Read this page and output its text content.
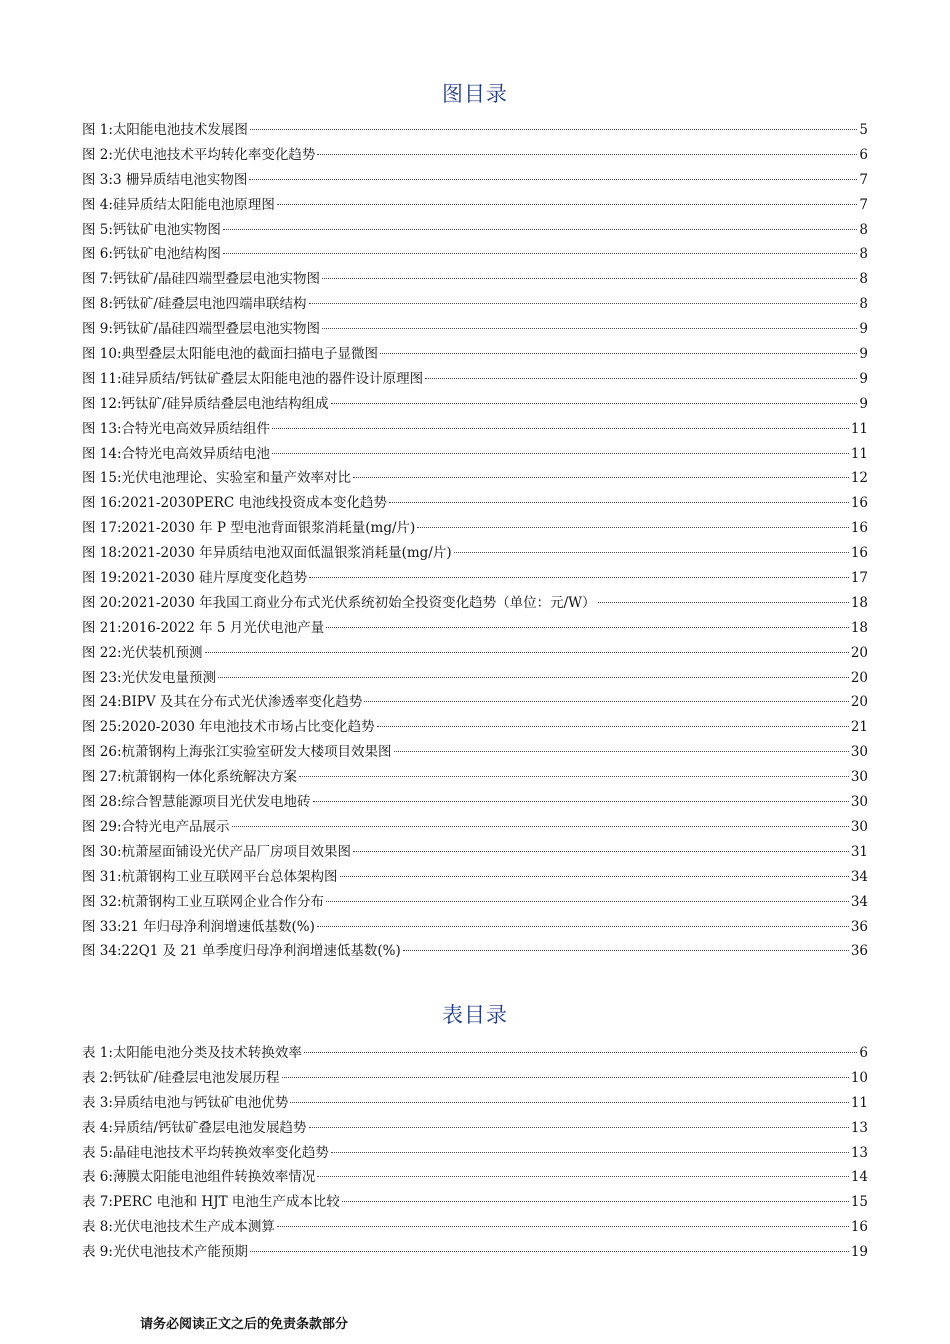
图目录
图 1: 太阳能电池技术发展图	5
图 2: 光伏电池技术平均转化率变化趋势	6
图 3: 3 栅异质结电池实物图	7
图 4: 硅异质结太阳能电池原理图	7
图 5: 钙钛矿电池实物图	8
图 6: 钙钛矿电池结构图	8
图 7: 钙钛矿/晶硅四端型叠层电池实物图	8
图 8: 钙钛矿/硅叠层电池四端串联结构	8
图 9: 钙钛矿/晶硅四端型叠层电池实物图	9
图 10: 典型叠层太阳能电池的截面扫描电子显微图	9
图 11: 硅异质结/钙钛矿叠层太阳能电池的器件设计原理图	9
图 12: 钙钛矿/硅异质结叠层电池结构组成	9
图 13: 合特光电高效异质结组件	11
图 14: 合特光电高效异质结电池	11
图 15: 光伏电池理论、实验室和量产效率对比	12
图 16: 2021-2030PERC 电池线投资成本变化趋势	16
图 17: 2021-2030 年 P 型电池背面银浆消耗量(mg/片)	16
图 18: 2021-2030 年异质结电池双面低温银浆消耗量(mg/片)	16
图 19: 2021-2030 硅片厚度变化趋势	17
图 20: 2021-2030 年我国工商业分布式光伏系统初始全投资变化趋势（单位：元/W）	18
图 21: 2016-2022 年 5 月光伏电池产量	18
图 22: 光伏装机预测	20
图 23: 光伏发电量预测	20
图 24: BIPV 及其在分布式光伏渗透率变化趋势	20
图 25: 2020-2030 年电池技术市场占比变化趋势	21
图 26: 杭萧钢构上海张江实验室研发大楼项目效果图	30
图 27: 杭萧钢构一体化系统解决方案	30
图 28: 综合智慧能源项目光伏发电地砖	30
图 29: 合特光电产品展示	30
图 30: 杭萧屋面铺设光伏产品厂房项目效果图	31
图 31: 杭萧钢构工业互联网平台总体架构图	34
图 32: 杭萧钢构工业互联网企业合作分布	34
图 33: 21 年归母净利润增速低基数(%)	36
图 34: 22Q1 及 21 单季度归母净利润增速低基数(%)	36
表目录
表 1: 太阳能电池分类及技术转换效率	6
表 2: 钙钛矿/硅叠层电池发展历程	10
表 3: 异质结电池与钙钛矿电池优势	11
表 4: 异质结/钙钛矿叠层电池发展趋势	13
表 5: 晶硅电池技术平均转换效率变化趋势	13
表 6: 薄膜太阳能电池组件转换效率情况	14
表 7: PERC 电池和 HJT 电池生产成本比较	15
表 8: 光伏电池技术生产成本测算	16
表 9: 光伏电池技术产能预期	19
请务必阅读正文之后的免责条款部分
